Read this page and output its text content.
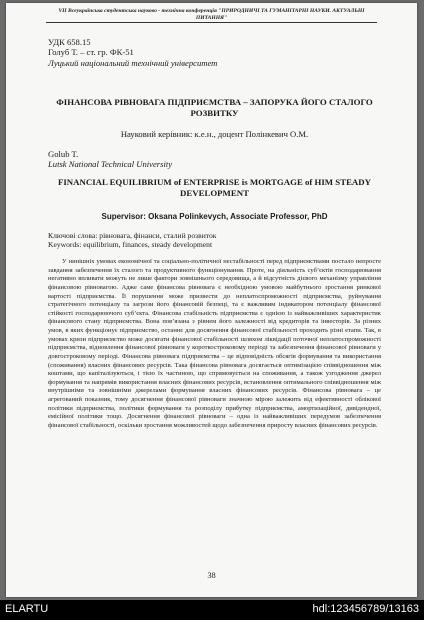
VII Всеукраїнська студентська науково - технічна конференція "ПРИРОДНИЧІ ТА ГУМАНІТАРНІ НАУКИ. АКТУАЛЬНІ ПИТАННЯ"
УДК 658.15
Голуб Т. – ст. гр. ФК-51
Луцький національний технічний університет
ФІНАНСОВА РІВНОВАГА ПІДПРИЄМСТВА – ЗАПОРУКА ЙОГО СТАЛОГО РОЗВИТКУ
Науковий керівник: к.е.н., доцент Полінкевич О.М.
Golub T.
Lutsk National Technical University
FINANCIAL EQUILIBRIUM of ENTERPRISE is MORTGAGE of HIM STEADY DEVELOPMENT
Supervisor: Oksana Polinkevych, Associate Professor, PhD
Ключові слова: рівновага, фінанси, сталий розвиток
Keywords: equilibrium, finances, steady development
У нинішніх умовах економічної та соціально-політичної нестабільності перед підприємствами постало непросте завдання забезпечення їх сталого та продуктивного функціонування. Проте, на діяльність суб’єктів господарювання негативно впливати можуть не лише фактори зовнішнього середовища, а й відсутність дієвого механізму управління фінансовою рівновагою. Адже саме фінансова рівновага є необхідною умовою майбутнього зростання ринкової вартості підприємства. Її порушення може призвести до неплатоспроможності підприємства, руйнування стратегічного потенціалу та загрози його фінансовій безпеці, та є важливим індикатором потенціалу фінансової стійкості господарюючого суб’єкта. Фінансова стабільність підприємства є однією із найважливіших характеристик фінансового стану підприємства. Вона пов’язана з рівнем його залежності від кредиторів та інвесторів. За різних умов, в яких функціонує підприємство, останнє для досягнення фінансової стабільності проходить різні етапи. Так, в умовах кризи підприємство може досягати фінансової стабільності шляхом ліквідації поточної неплатоспроможності підприємства, відновлення фінансової рівноваги у короткостроковому періоді та забезпечення фінансової рівноваги у довгостроковому періоді. Фінансова рівновага підприємства – це відповідність обсягів формування та використання (споживання) власних фінансових ресурсів. Така фінансова рівновага досягається оптимізацією співвідношення між коштами, що капіталізуються, і тією їх частиною, що спрямовується на споживання, а також узгодження джерел формування та напрямів використання власних фінансових ресурсів, встановлення оптимального співвідношення між внутрішніми та зовнішніми джерелами формування власних фінансових ресурсів. Фінансова рівновага – це агрегований показник, тому досягнення фінансової рівноваги значною мірою залежить від ефективності облікової політики підприємства, політики формування та розподілу прибутку підприємства, амортизаційної, дивідендної, емісійної політики тощо. Досягнення фінансової рівноваги – одна із найважливіших передумов забезпечення фінансової стабільності, оскільки зростання можливостей щодо забезпечення приросту власних фінансових ресурсів.
38
ELARTU	hdl:123456789/13163
